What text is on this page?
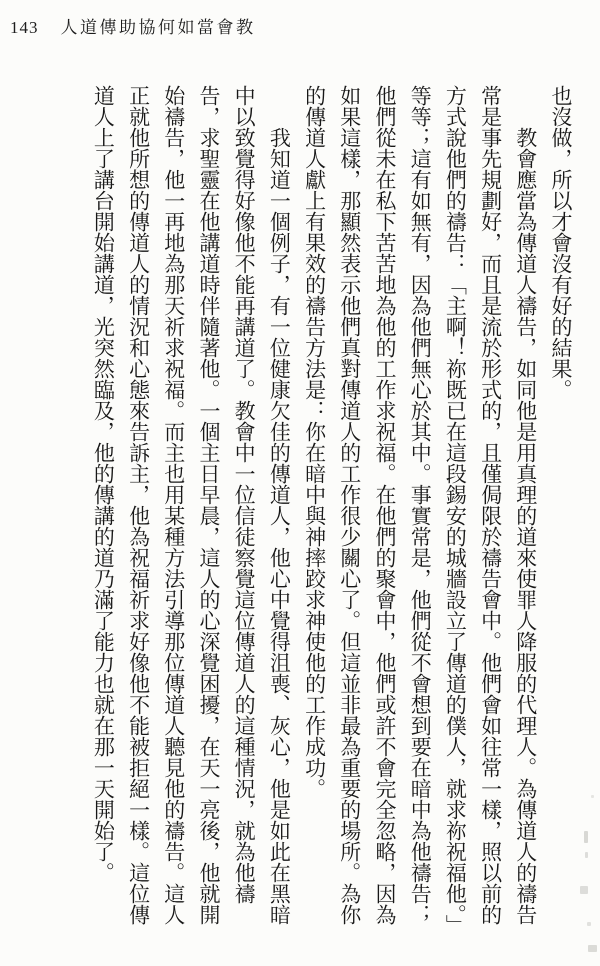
143 人道傳助協何如當會教

也沒做，所以才會沒有好的結果。

教會應當為傳道人禱告，如同他是用真理的道來使罪人降服的代理人。為傳道人的禱告常是事先規劃好，而且是流於形式的，且僅侷限於禱告會中。他們會如往常一樣，照以前的方式說他們的禱告：「主啊！祢既已在這段錫安的城牆設立了傳道的僕人，就求祢祝福他。」等等；這有如無有，因為他們無心於其中。事實常是，他們從不會想到要在暗中為他禱告；他們從未在私下苦苦地為他的工作求祝福。在他們的聚會中，他們或許不會完全忽略，因為如果這樣，那顯然表示他們真對傳道人的工作很少關心了。但這並非最為重要的場所。為你的傳道人獻上有果效的禱告方法是：你在暗中與神摔跤求神使他的工作成功。

我知道一個例子，有一位健康欠佳的傳道人，他心中覺得沮喪、灰心，他是如此在黑暗中以致覺得好像他不能再講道了。教會中一位信徒察覺這位傳道人的這種情況，就為他禱告，求聖靈在他講道時伴隨著他。一個主日早晨，這人的心深覺困擾，在天一亮後，他就開始禱告，他一再地為那天祈求祝福。而主也用某種方法引導那位傳道人聽見他的禱告。這人正就他所想的傳道人的情況和心態來告訴主，他為祝福祈求好像他不能被拒絕一樣。這位傳道人上了講台開始講道，光突然臨及，他的傳講的道乃滿了能力也就在那一天開始了。
